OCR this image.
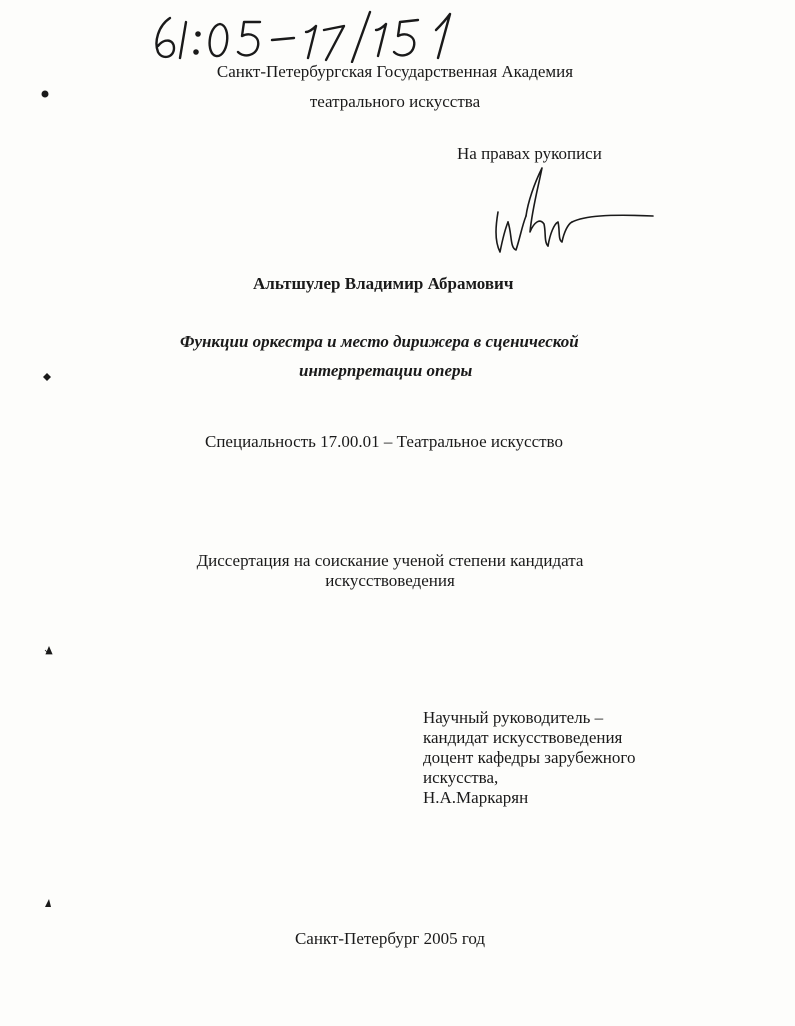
Санкт-Петербургская Государственная Академия
театрального искусства
На правах рукописи
Альтшулер Владимир Абрамович
Функции оркестра и место дирижера в сценической
интерпретации оперы
Специальность 17.00.01 – Театральное искусство
Диссертация на соискание ученой степени кандидата
искусствоведения
Научный руководитель –
кандидат искусствоведения
доцент кафедры зарубежного
искусства,
Н.А.Маркарян
Санкт-Петербург 2005 год
